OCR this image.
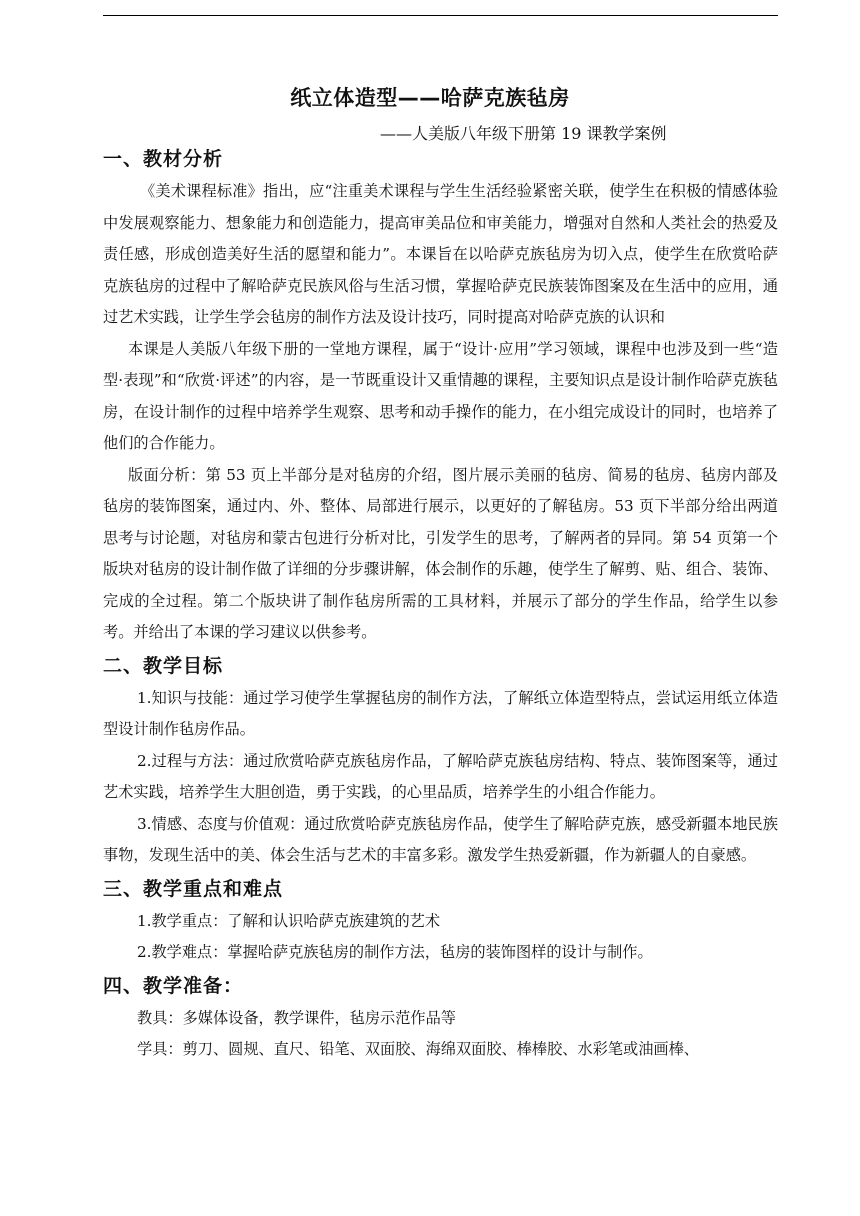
纸立体造型——哈萨克族毡房
——人美版八年级下册第 19 课教学案例
一、教材分析

《美术课程标准》指出，应“注重美术课程与学生生活经验紧密关联，使学生在积极的情感体验中发展观察能力、想象能力和创造能力，提高审美品位和审美能力，增强对自然和人类社会的热爱及责任感，形成创造美好生活的愿望和能力”。本课旨在以哈萨克族毡房为切入点，使学生在欣赏哈萨克族毡房的过程中了解哈萨克民族风俗与生活习惯，掌握哈萨克民族装饰图案及在生活中的应用，通过艺术实践，让学生学会毡房的制作方法及设计技巧，同时提高对哈萨克族的认识和

本课是人美版八年级下册的一堂地方课程，属于“设计·应用”学习领域，课程中也涉及到一些“造型·表现”和“欣赏·评述”的内容，是一节既重设计又重情趣的课程，主要知识点是设计制作哈萨克族毡房，在设计制作的过程中培养学生观察、思考和动手操作的能力，在小组完成设计的同时，也培养了他们的合作能力。

版面分析：第 53 页上半部分是对毡房的介绍，图片展示美丽的毡房、简易的毡房、毡房内部及毡房的装饰图案，通过内、外、整体、局部进行展示，以更好的了解毡房。53 页下半部分给出两道思考与讨论题，对毡房和蒙古包进行分析对比，引发学生的思考，了解两者的异同。第 54 页第一个版块对毡房的设计制作做了详细的分步骤讲解，体会制作的乐趣，使学生了解剪、贴、组合、装饰、完成的全过程。第二个版块讲了制作毡房所需的工具材料，并展示了部分的学生作品，给学生以参考。并给出了本课的学习建议以供参考。

二、教学目标

1.知识与技能：通过学习使学生掌握毡房的制作方法，了解纸立体造型特点，尝试运用纸立体造型设计制作毡房作品。

2.过程与方法：通过欣赏哈萨克族毡房作品，了解哈萨克族毡房结构、特点、装饰图案等，通过艺术实践，培养学生大胆创造，勇于实践，的心里品质，培养学生的小组合作能力。

3.情感、态度与价值观：通过欣赏哈萨克族毡房作品，使学生了解哈萨克族，感受新疆本地民族事物，发现生活中的美、体会生活与艺术的丰富多彩。激发学生热爱新疆，作为新疆人的自豪感。

三、教学重点和难点

1.教学重点：了解和认识哈萨克族建筑的艺术

2.教学难点：掌握哈萨克族毡房的制作方法，毡房的装饰图样的设计与制作。

四、教学准备：

教具：多媒体设备，教学课件，毡房示范作品等

学具：剪刀、圆规、直尺、铅笔、双面胶、海绵双面胶、棒棒胶、水彩笔或油画棒、
